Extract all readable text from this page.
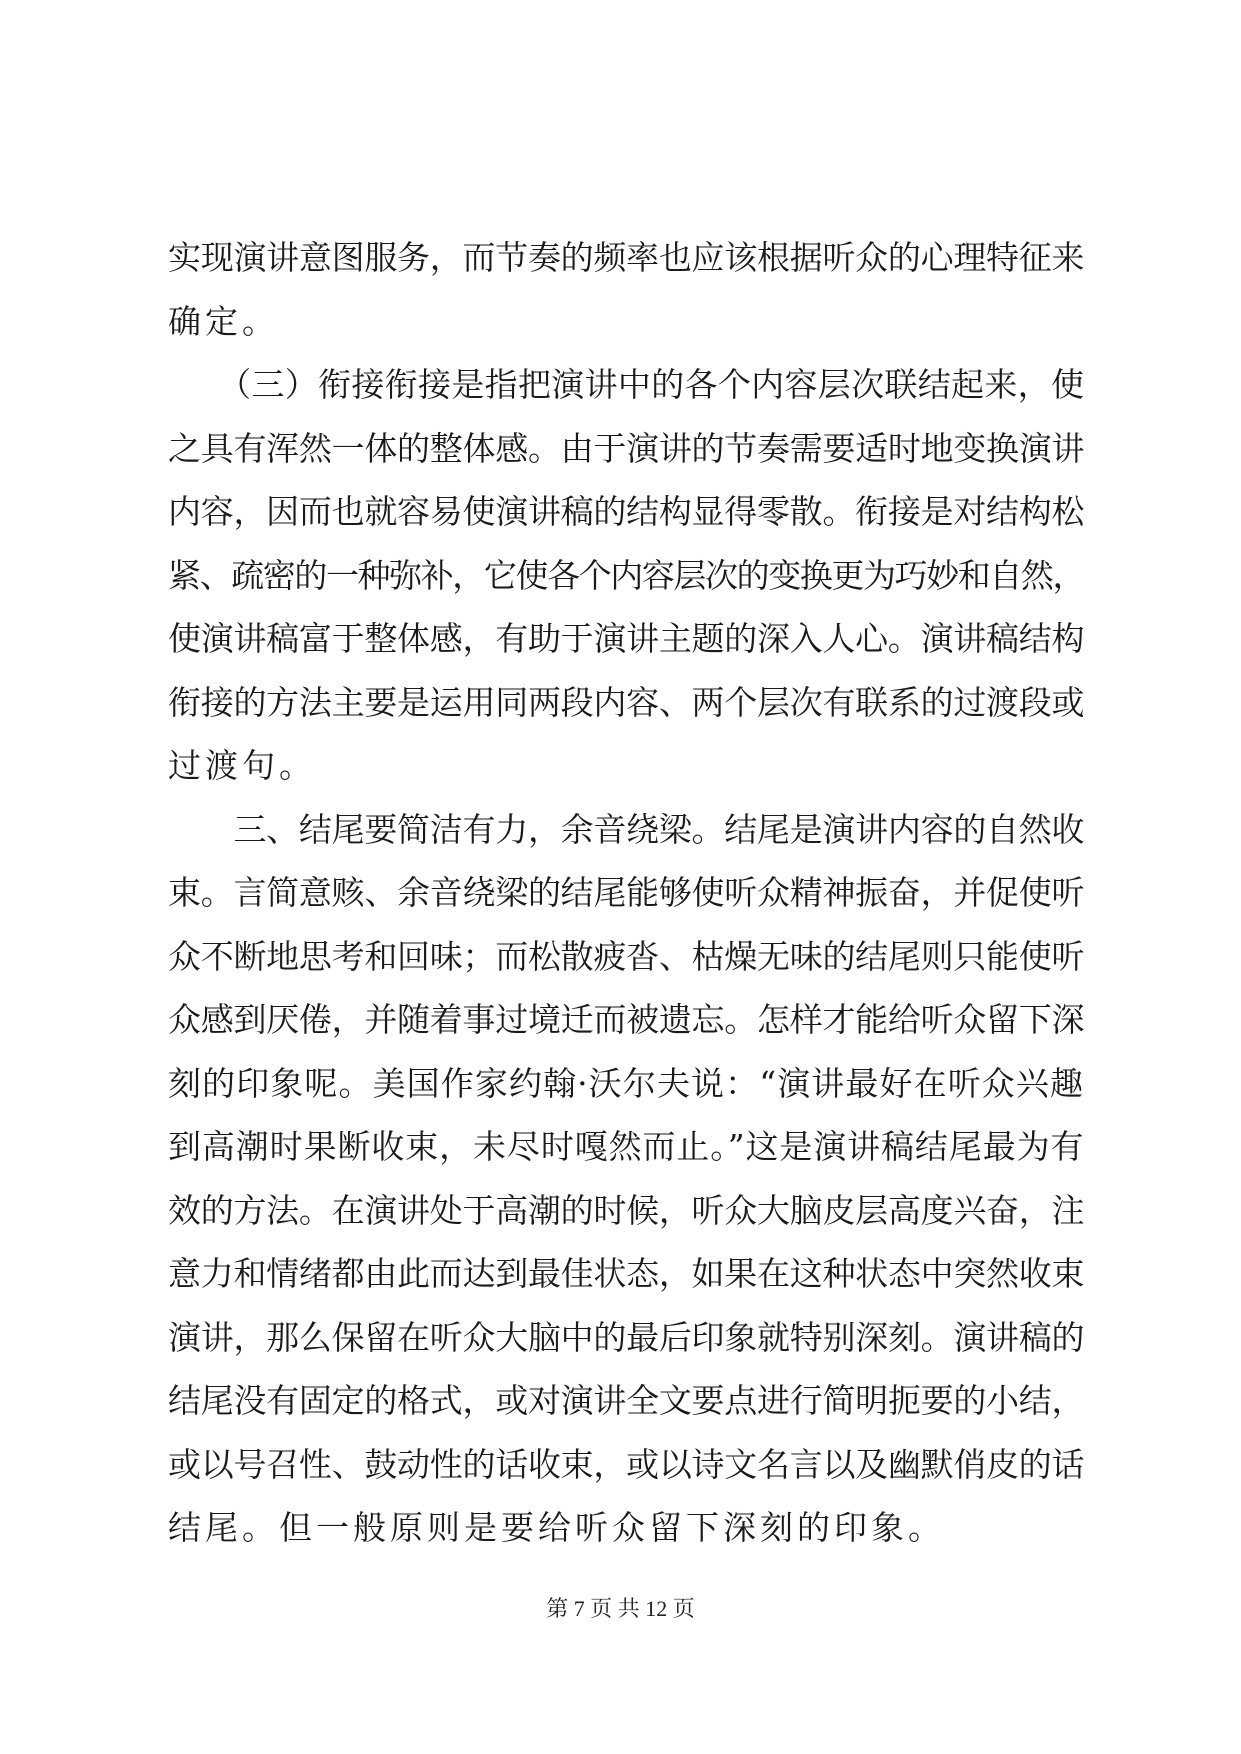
实现演讲意图服务，而节奏的频率也应该根据听众的心理特征来
确定。
　　（三）衔接衔接是指把演讲中的各个内容层次联结起来，使
之具有浑然一体的整体感。由于演讲的节奏需要适时地变换演讲
内容，因而也就容易使演讲稿的结构显得零散。衔接是对结构松
紧、疏密的一种弥补，它使各个内容层次的变换更为巧妙和自然，
使演讲稿富于整体感，有助于演讲主题的深入人心。演讲稿结构
衔接的方法主要是运用同两段内容、两个层次有联系的过渡段或
过渡句。
　　三、结尾要简洁有力，余音绕梁。结尾是演讲内容的自然收
束。言简意赅、余音绕梁的结尾能够使听众精神振奋，并促使听
众不断地思考和回味；而松散疲沓、枯燥无味的结尾则只能使听
众感到厌倦，并随着事过境迁而被遗忘。怎样才能给听众留下深
刻的印象呢。美国作家约翰·沃尔夫说：“演讲最好在听众兴趣
到高潮时果断收束，未尽时嘎然而止。”这是演讲稿结尾最为有
效的方法。在演讲处于高潮的时候，听众大脑皮层高度兴奋，注
意力和情绪都由此而达到最佳状态，如果在这种状态中突然收束
演讲，那么保留在听众大脑中的最后印象就特别深刻。演讲稿的
结尾没有固定的格式，或对演讲全文要点进行简明扼要的小结，
或以号召性、鼓动性的话收束，或以诗文名言以及幽默俏皮的话
结尾。但一般原则是要给听众留下深刻的印象。
第 7 页 共 12 页
